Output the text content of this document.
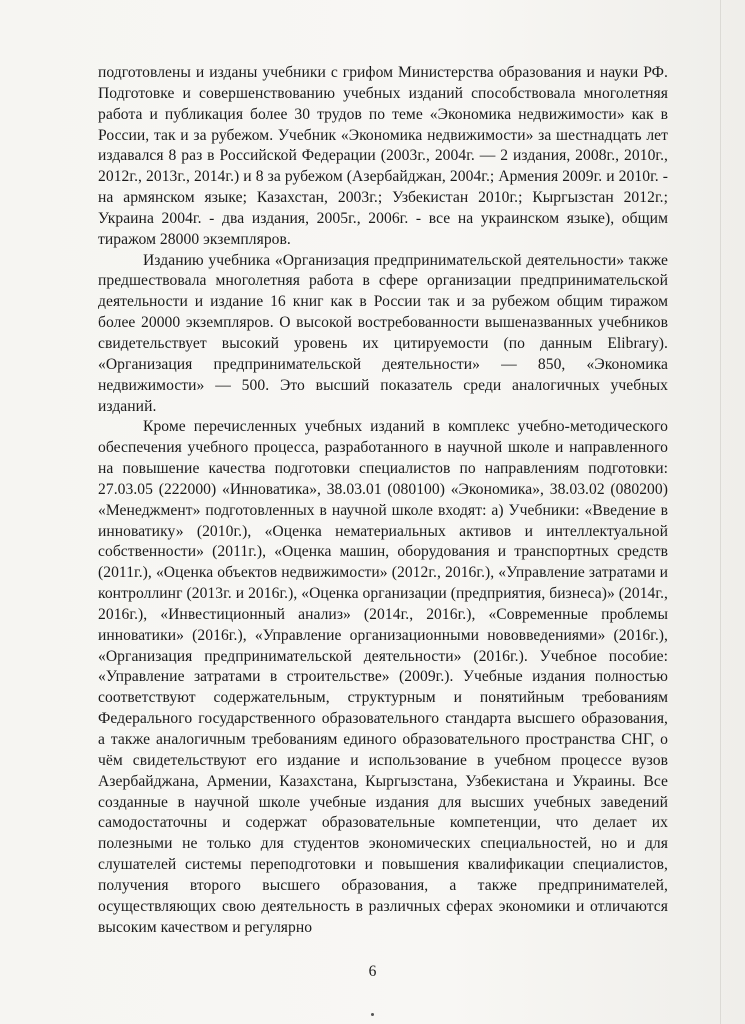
подготовлены и изданы учебники с грифом Министерства образования и науки РФ. Подготовке и совершенствованию учебных изданий способствовала многолетняя работа и публикация более 30 трудов по теме «Экономика недвижимости» как в России, так и за рубежом. Учебник «Экономика недвижимости» за шестнадцать лет издавался 8 раз в Российской Федерации (2003г., 2004г. — 2 издания, 2008г., 2010г., 2012г., 2013г., 2014г.) и 8 за рубежом (Азербайджан, 2004г.; Армения 2009г. и 2010г. - на армянском языке; Казахстан, 2003г.; Узбекистан 2010г.; Кыргызстан 2012г.; Украина 2004г. - два издания, 2005г., 2006г. - все на украинском языке), общим тиражом 28000 экземпляров.

Изданию учебника «Организация предпринимательской деятельности» также предшествовала многолетняя работа в сфере организации предпринимательской деятельности и издание 16 книг как в России так и за рубежом общим тиражом более 20000 экземпляров. О высокой востребованности вышеназванных учебников свидетельствует высокий уровень их цитируемости (по данным Elibrary). «Организация предпринимательской деятельности» — 850, «Экономика недвижимости» — 500. Это высший показатель среди аналогичных учебных изданий.

Кроме перечисленных учебных изданий в комплекс учебно-методического обеспечения учебного процесса, разработанного в научной школе и направленного на повышение качества подготовки специалистов по направлениям подготовки: 27.03.05 (222000) «Инноватика», 38.03.01 (080100) «Экономика», 38.03.02 (080200) «Менеджмент» подготовленных в научной школе входят: а) Учебники: «Введение в инноватику» (2010г.), «Оценка нематериальных активов и интеллектуальной собственности» (2011г.), «Оценка машин, оборудования и транспортных средств (2011г.), «Оценка объектов недвижимости» (2012г., 2016г.), «Управление затратами и контроллинг (2013г. и 2016г.), «Оценка организации (предприятия, бизнеса)» (2014г., 2016г.), «Инвестиционный анализ» (2014г., 2016г.), «Современные проблемы инноватики» (2016г.), «Управление организационными нововведениями» (2016г.), «Организация предпринимательской деятельности» (2016г.). Учебное пособие: «Управление затратами в строительстве» (2009г.). Учебные издания полностью соответствуют содержательным, структурным и понятийным требованиям Федерального государственного образовательного стандарта высшего образования, а также аналогичным требованиям единого образовательного пространства СНГ, о чём свидетельствуют его издание и использование в учебном процессе вузов Азербайджана, Армении, Казахстана, Кыргызстана, Узбекистана и Украины. Все созданные в научной школе учебные издания для высших учебных заведений самодостаточны и содержат образовательные компетенции, что делает их полезными не только для студентов экономических специальностей, но и для слушателей системы переподготовки и повышения квалификации специалистов, получения второго высшего образования, а также предпринимателей, осуществляющих свою деятельность в различных сферах экономики и отличаются высоким качеством и регулярно

6
